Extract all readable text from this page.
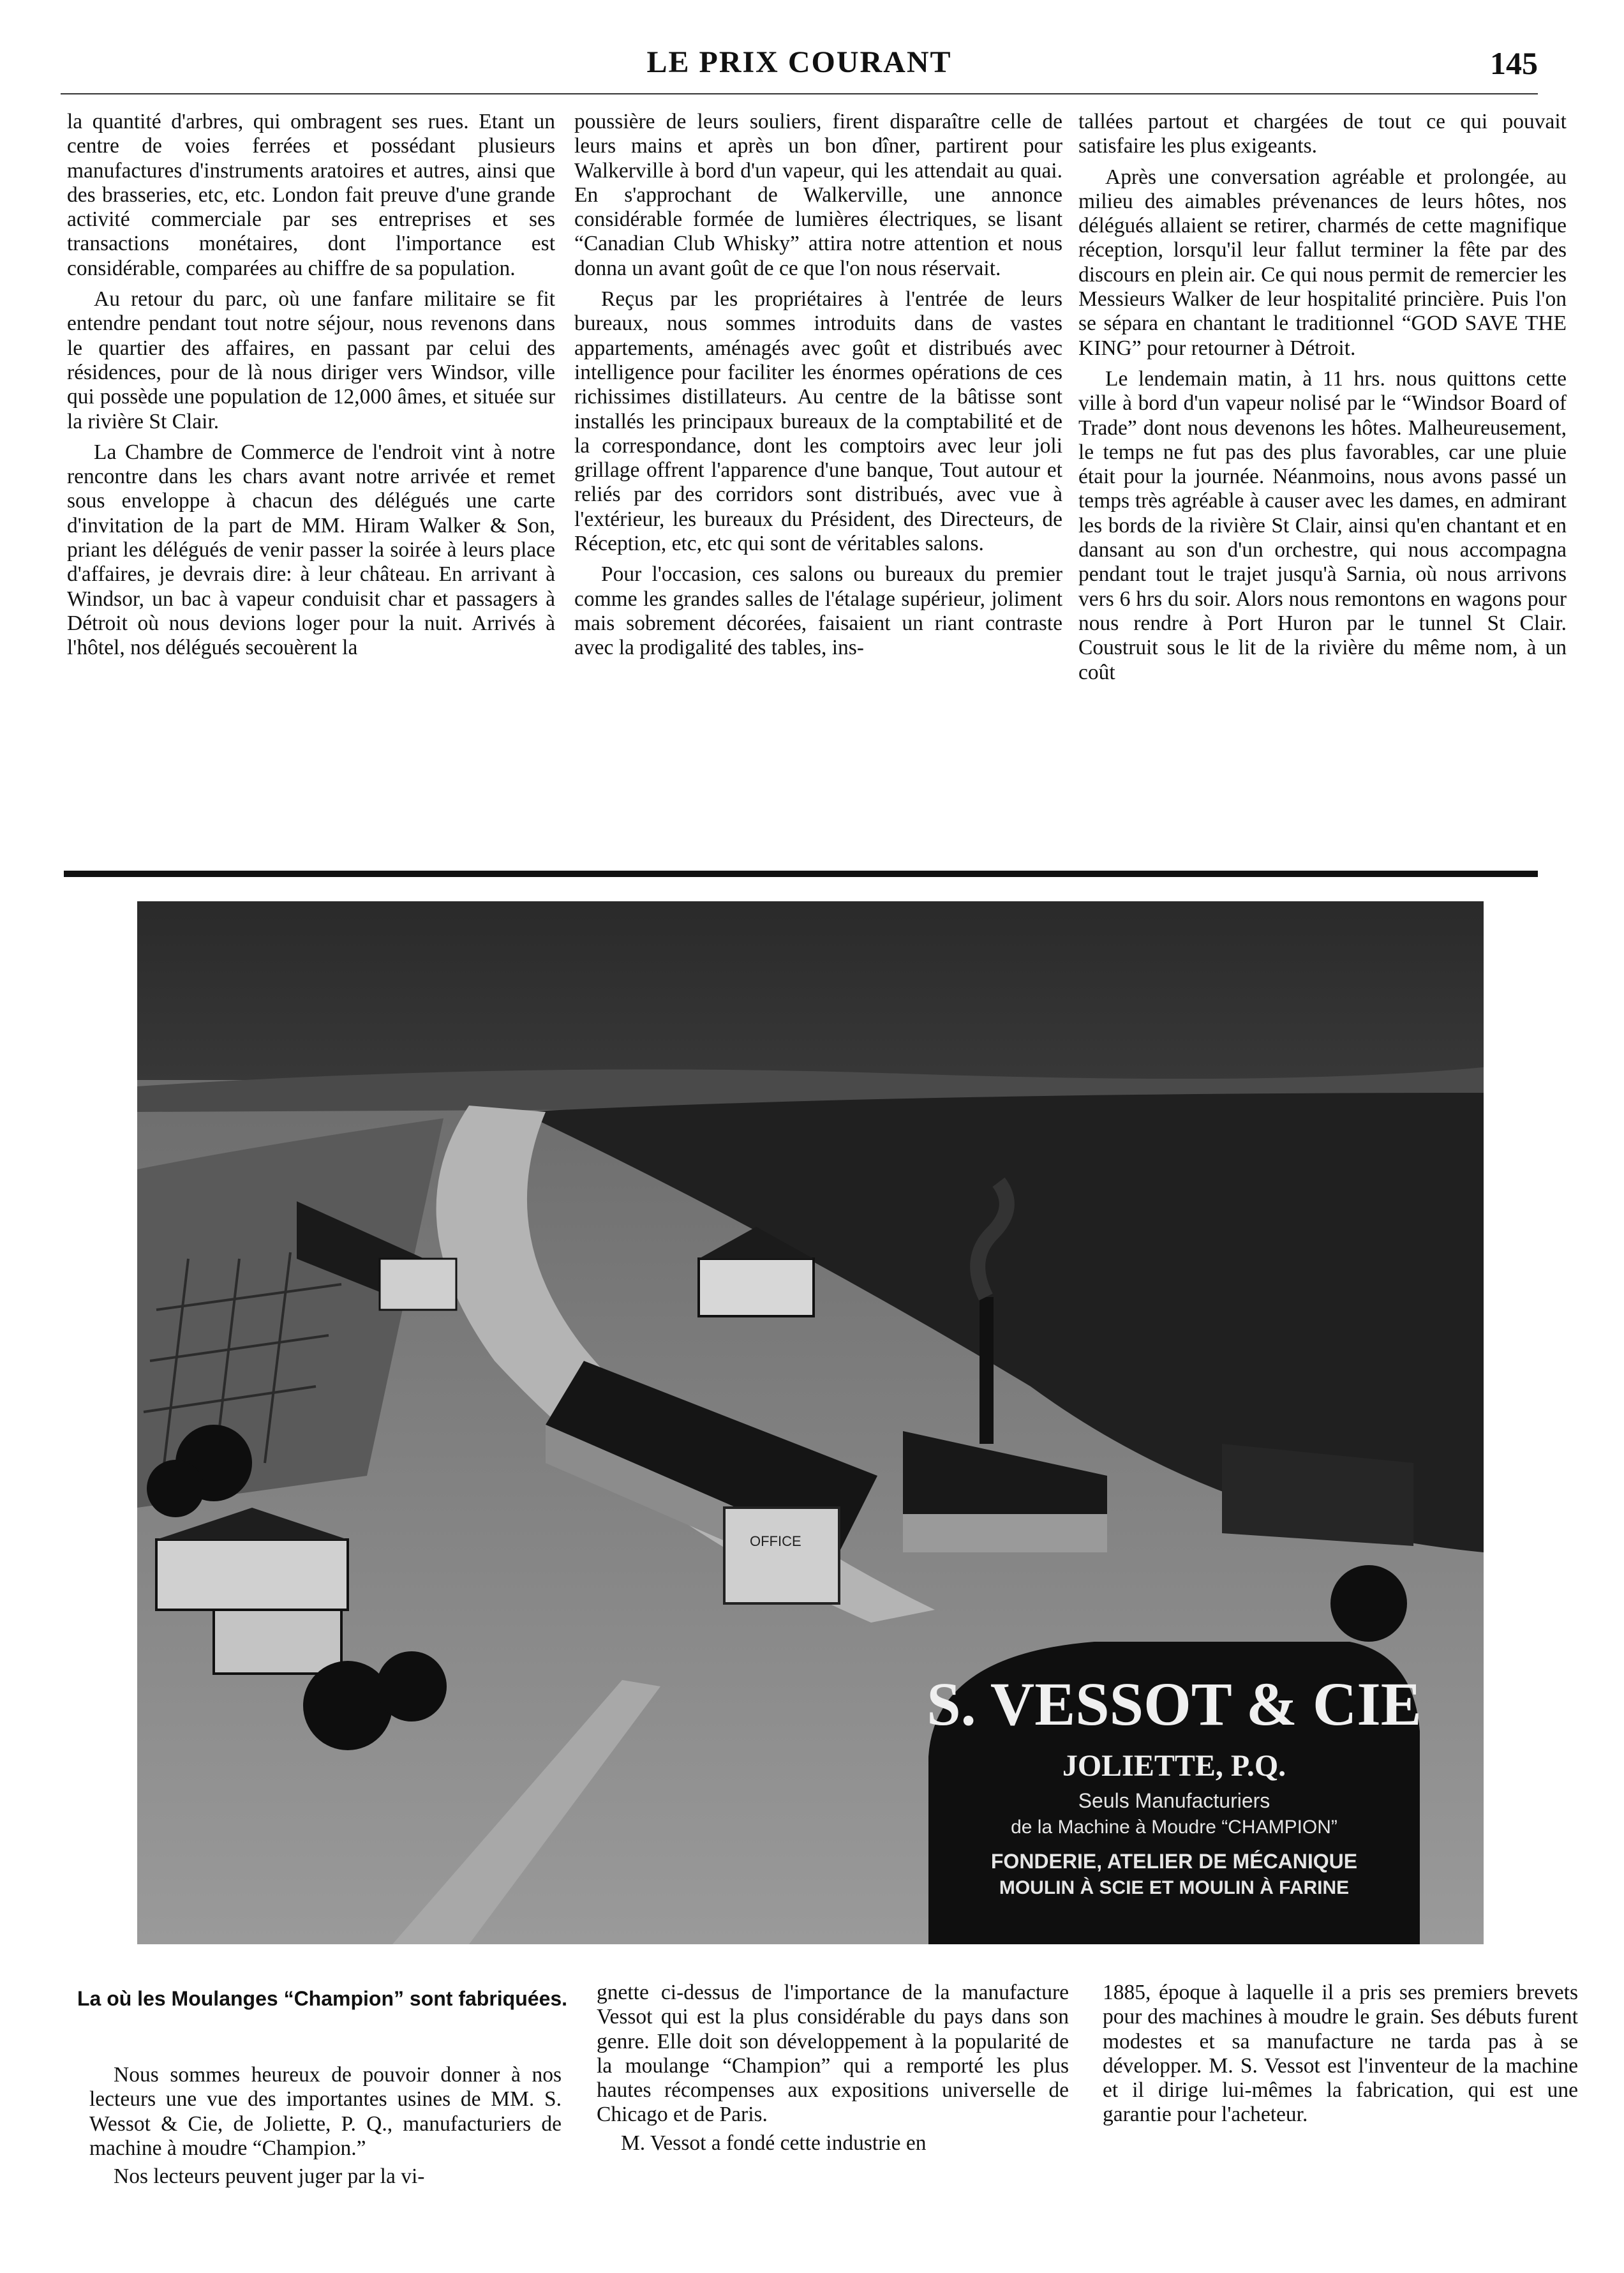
LE PRIX COURANT	145

la quantité d'arbres, qui ombragent ses rues. Etant un centre de voies ferrées et possédant plusieurs manufactures d'instruments aratoires et autres, ainsi que des brasseries, etc, etc. London fait preuve d'une grande activité commerciale par ses entreprises et ses transactions monétaires, dont l'importance est considérable, comparées au chiffre de sa population.

Au retour du parc, où une fanfare militaire se fit entendre pendant tout notre séjour, nous revenons dans le quartier des affaires, en passant par celui des résidences, pour de là nous diriger vers Windsor, ville qui possède une population de 12,000 âmes, et située sur la rivière St Clair.

La Chambre de Commerce de l'endroit vint à notre rencontre dans les chars avant notre arrivée et remet sous enveloppe à chacun des délégués une carte d'invitation de la part de MM. Hiram Walker & Son, priant les délégués de venir passer la soirée à leurs place d'affaires, je devrais dire: à leur château. En arrivant à Windsor, un bac à vapeur conduisit char et passagers à Détroit où nous devions loger pour la nuit. Arrivés à l'hôtel, nos délégués secouèrent la

poussière de leurs souliers, firent disparaître celle de leurs mains et après un bon dîner, partirent pour Walkerville à bord d'un vapeur, qui les attendait au quai. En s'approchant de Walkerville, une annonce considérable formée de lumières électriques, se lisant “Canadian Club Whisky” attira notre attention et nous donna un avant goût de ce que l'on nous réservait.

Reçus par les propriétaires à l'entrée de leurs bureaux, nous sommes introduits dans de vastes appartements, aménagés avec goût et distribués avec intelligence pour faciliter les énormes opérations de ces richissimes distillateurs. Au centre de la bâtisse sont installés les principaux bureaux de la comptabilité et de la correspondance, dont les comptoirs avec leur joli grillage offrent l'apparence d'une banque, Tout autour et reliés par des corridors sont distribués, avec vue à l'extérieur, les bureaux du Président, des Directeurs, de Réception, etc, etc qui sont de véritables salons.

Pour l'occasion, ces salons ou bureaux du premier comme les grandes salles de l'étalage supérieur, joliment mais sobrement décorées, faisaient un riant contraste avec la prodigalité des tables, ins-

tallées partout et chargées de tout ce qui pouvait satisfaire les plus exigeants.

Après une conversation agréable et prolongée, au milieu des aimables prévenances de leurs hôtes, nos délégués allaient se retirer, charmés de cette magnifique réception, lorsqu'il leur fallut terminer la fête par des discours en plein air. Ce qui nous permit de remercier les Messieurs Walker de leur hospitalité princière. Puis l'on se sépara en chantant le traditionnel “GOD SAVE THE KING” pour retourner à Détroit.

Le lendemain matin, à 11 hrs. nous quittons cette ville à bord d'un vapeur nolisé par le “Windsor Board of Trade” dont nous devenons les hôtes. Malheureusement, le temps ne fut pas des plus favorables, car une pluie était pour la journée. Néanmoins, nous avons passé un temps très agréable à causer avec les dames, en admirant les bords de la rivière St Clair, ainsi qu'en chantant et en dansant au son d'un orchestre, qui nous accompagna pendant tout le trajet jusqu'à Sarnia, où nous arrivons vers 6 hrs du soir. Alors nous remontons en wagons pour nous rendre à Port Huron par le tunnel St Clair. Coustruit sous le lit de la rivière du même nom, à un coût

OFFICE
S. VESSOT & CIE
JOLIETTE, P.Q.
Seuls Manufacturiers
de la Machine à Moudre “CHAMPION”
FONDERIE, ATELIER DE MÉCANIQUE
MOULIN À SCIE ET MOULIN À FARINE
La où les Moulanges “Champion” sont fabriquées.

Nous sommes heureux de pouvoir donner à nos lecteurs une vue des importantes usines de MM. S. Wessot & Cie, de Joliette, P. Q., manufacturiers de machine à moudre “Champion.”

Nos lecteurs peuvent juger par la vi-

gnette ci-dessus de l'importance de la manufacture Vessot qui est la plus considérable du pays dans son genre. Elle doit son développement à la popularité de la moulange “Champion” qui a remporté les plus hautes récompenses aux expositions universelle de Chicago et de Paris.

M. Vessot a fondé cette industrie en

1885, époque à laquelle il a pris ses premiers brevets pour des machines à moudre le grain. Ses débuts furent modestes et sa manufacture ne tarda pas à se développer. M. S. Vessot est l'inventeur de la machine et il dirige lui-mêmes la fabrication, qui est une garantie pour l'acheteur.
